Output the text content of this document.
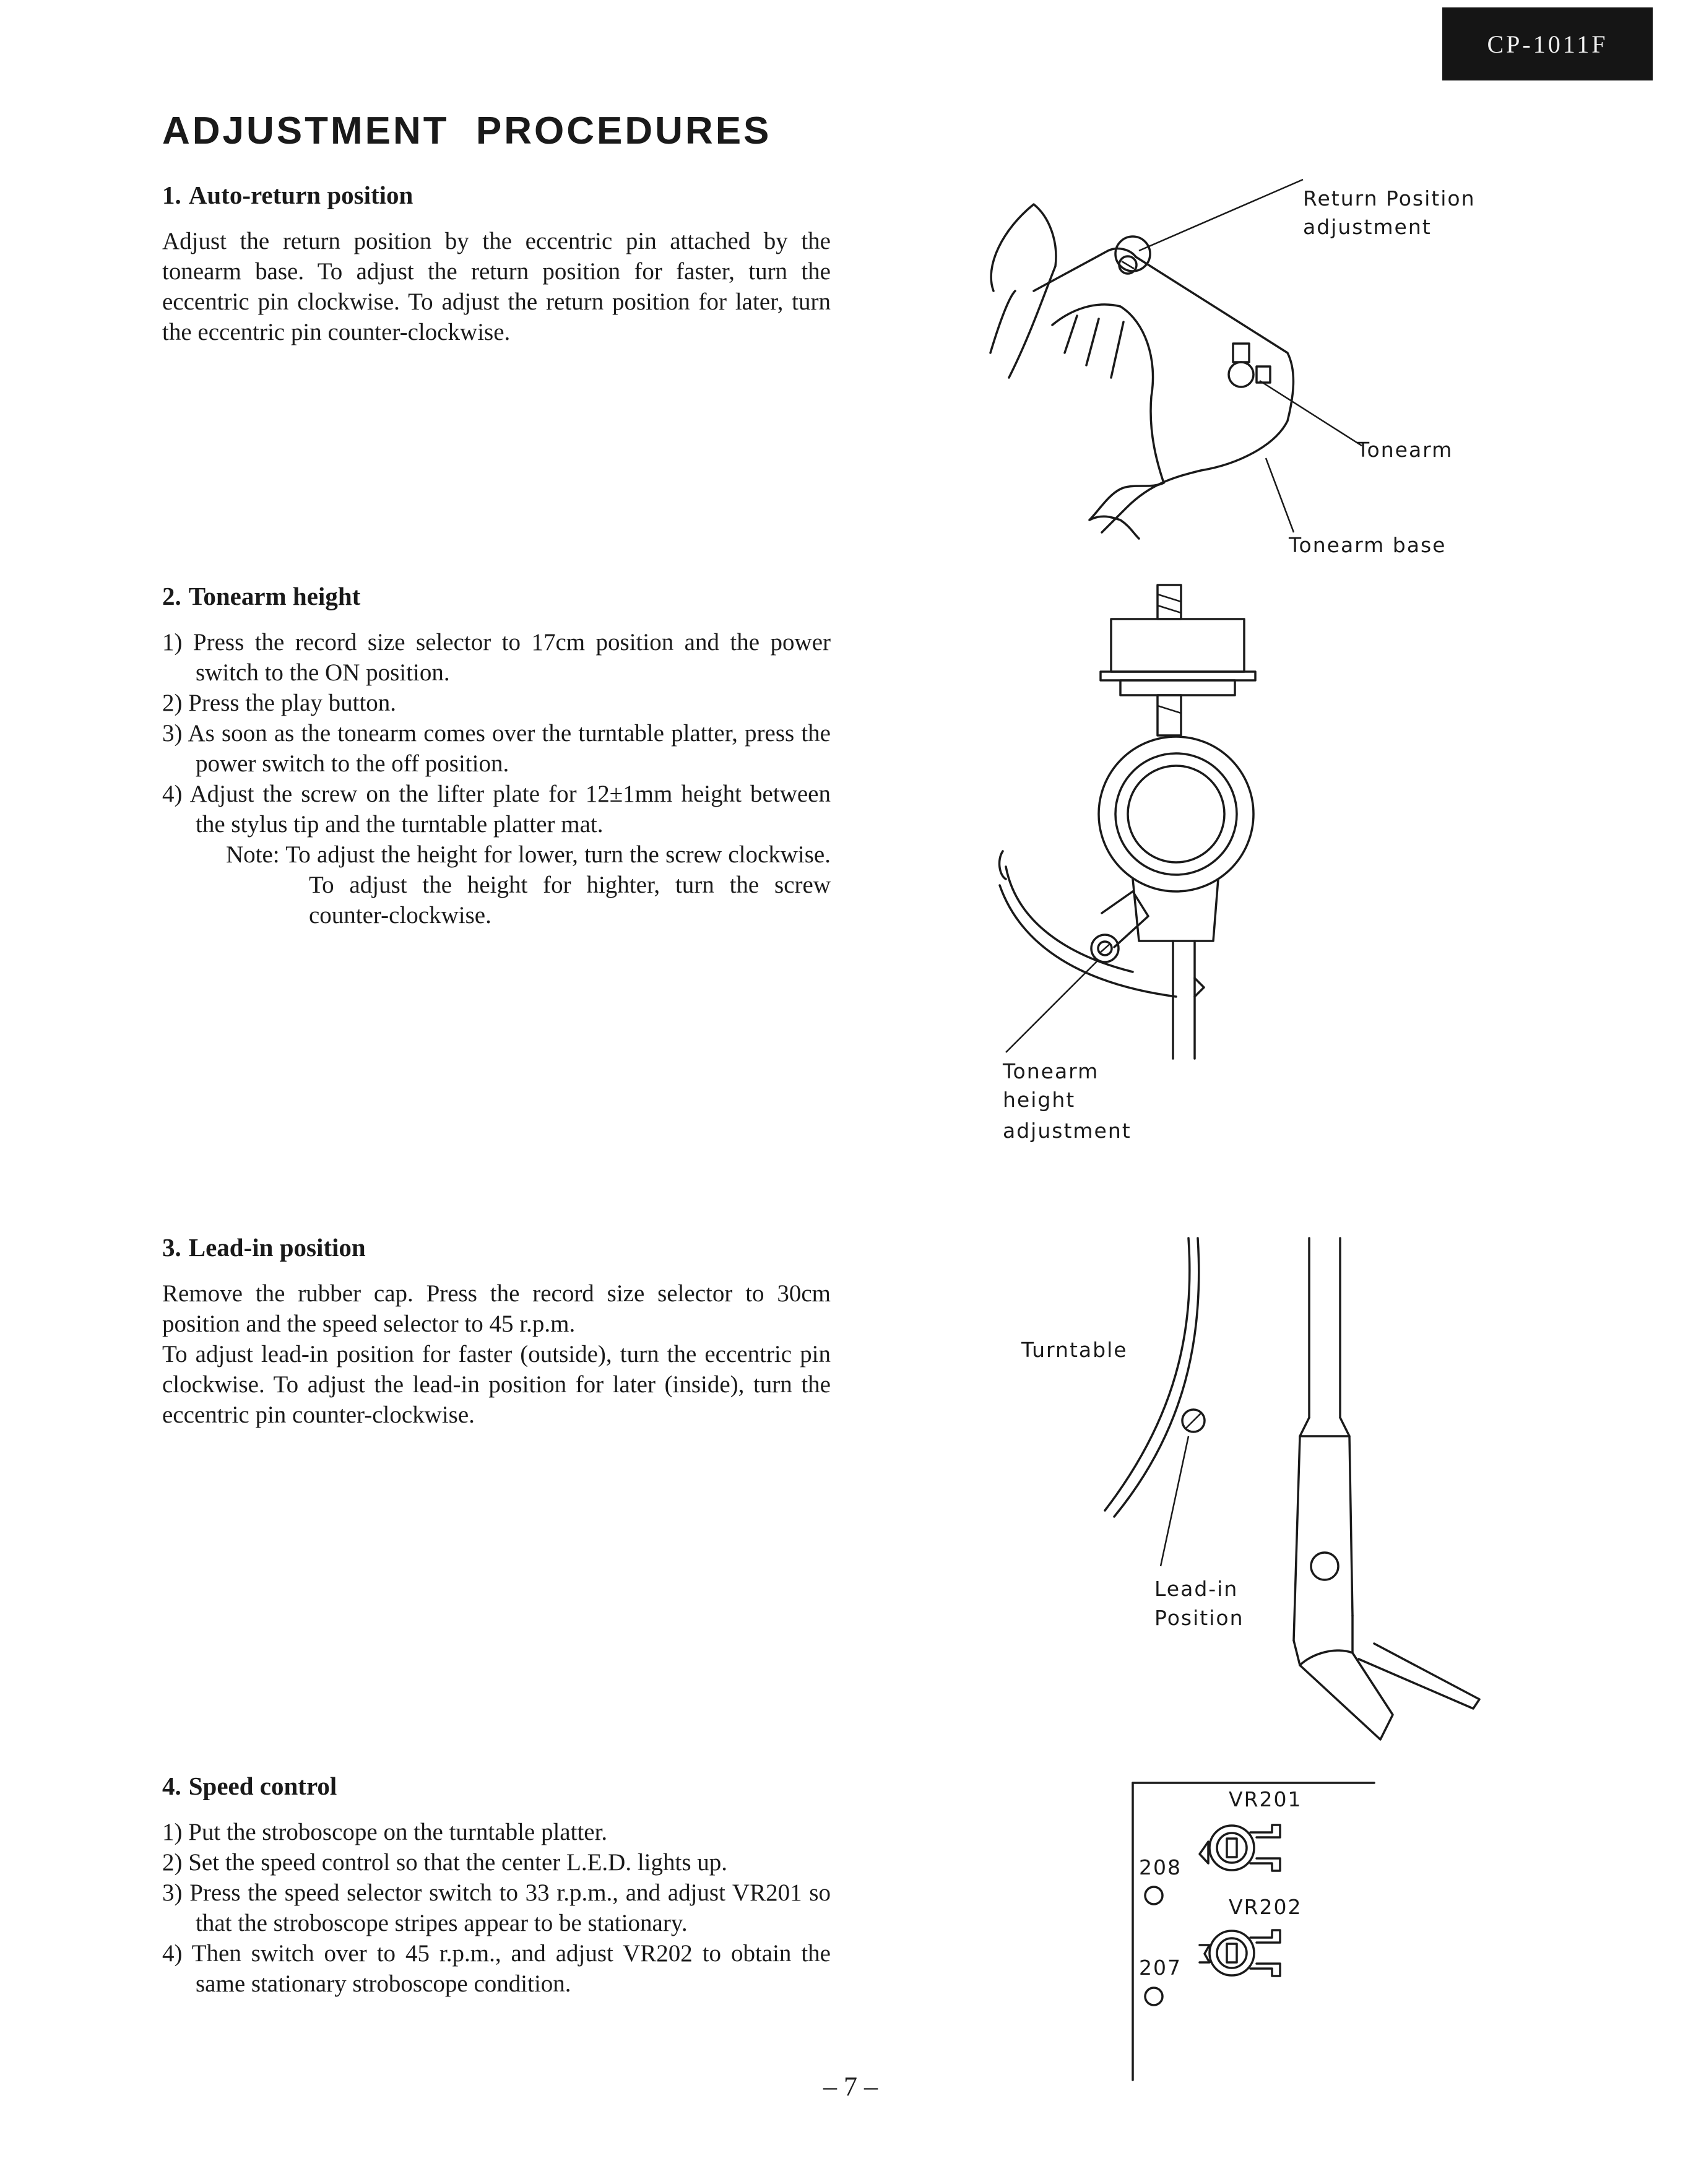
CP-1011F
ADJUSTMENT PROCEDURES
1. Auto-return position

Adjust the return position by the eccentric pin attached by the tonearm base. To adjust the return position for faster, turn the eccentric pin clockwise. To adjust the return position for later, turn the eccentric pin counter-clockwise.

2. Tonearm height
1) Press the record size selector to 17cm position and the power switch to the ON position.
2) Press the play button.
3) As soon as the tonearm comes over the turntable platter, press the power switch to the off position.
4) Adjust the screw on the lifter plate for 12±1mm height between the stylus tip and the turntable platter mat.

Note: To adjust the height for lower, turn the screw clockwise. To adjust the height for highter, turn the screw counter-clockwise.

3. Lead-in position

Remove the rubber cap. Press the record size selector to 30cm position and the speed selector to 45 r.p.m.

To adjust lead-in position for faster (outside), turn the eccentric pin clockwise. To adjust the lead-in position for later (inside), turn the eccentric pin counter-clockwise.

4. Speed control
1) Put the stroboscope on the turntable platter.
2) Set the speed control so that the center L.E.D. lights up.
3) Press the speed selector switch to 33 r.p.m., and adjust VR201 so that the stroboscope stripes appear to be stationary.
4) Then switch over to 45 r.p.m., and adjust VR202 to obtain the same stationary stroboscope condition.
Return Position
adjustment
Tonearm
Tonearm base
Tonearm
height
adjustment
Turntable
Lead-in
Position
VR201
VR202
208
207
– 7 –
